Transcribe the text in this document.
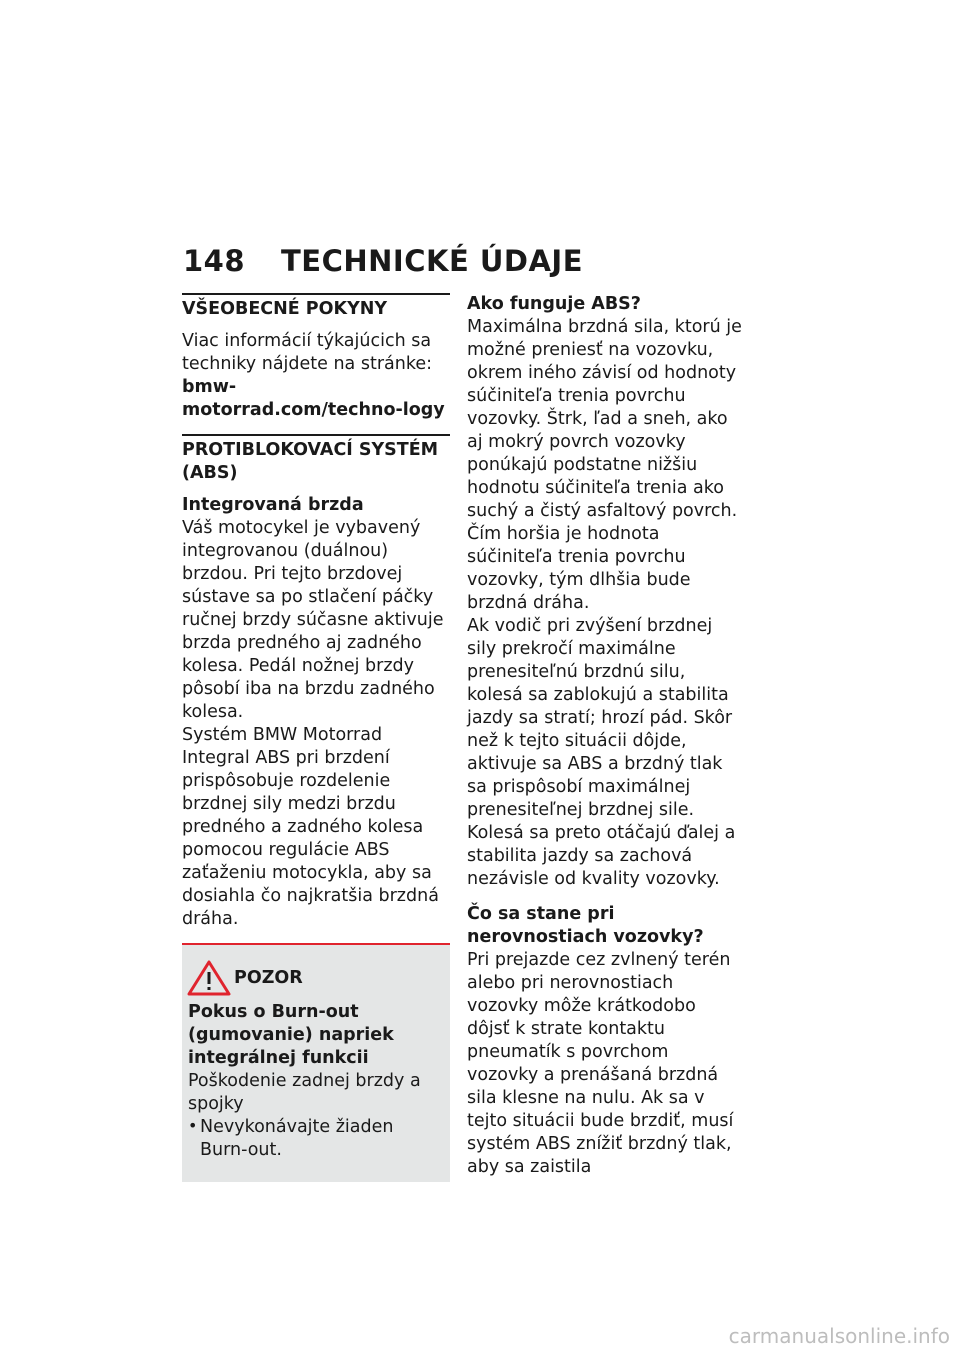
148 TECHNICKÉ ÚDAJE
VŠEOBECNÉ POKYNY

Viac informácií týkajúcich sa techniky nájdete na stránke:

bmw-motorrad.com/techno-logy

PROTIBLOKOVACÍ SYSTÉM (ABS)
Integrovaná brzda

Váš motocykel je vybavený integrovanou (duálnou) brzdou. Pri tejto brzdovej sústave sa po stlačení páčky ručnej brzdy súčasne aktivuje brzda predného aj zadného kolesa. Pedál nožnej brzdy pôsobí iba na brzdu zadného kolesa.

Systém BMW Motorrad Integral ABS pri brzdení prispôsobuje rozdelenie brzdnej sily medzi brzdu predného a zadného kolesa pomocou regulácie ABS zaťaženiu motocykla, aby sa dosiahla čo najkratšia brzdná dráha.

POZOR

Pokus o Burn-out (gumovanie) napriek integrálnej funkcii

Poškodenie zadnej brzdy a spojky

• Nevykonávajte žiaden Burn-out.

Ako funguje ABS?

Maximálna brzdná sila, ktorú je možné preniesť na vozovku, okrem iného závisí od hodnoty súčiniteľa trenia povrchu vozovky. Štrk, ľad a sneh, ako aj mokrý povrch vozovky ponúkajú podstatne nižšiu hodnotu súčiniteľa trenia ako suchý a čistý asfaltový povrch. Čím horšia je hodnota súčiniteľa trenia povrchu vozovky, tým dlhšia bude brzdná dráha.

Ak vodič pri zvýšení brzdnej sily prekročí maximálne prenesiteľnú brzdnú silu, kolesá sa zablokujú a stabilita jazdy sa stratí; hrozí pád. Skôr než k tejto situácii dôjde, aktivuje sa ABS a brzdný tlak sa prispôsobí maximálnej prenesiteľnej brzdnej sile. Kolesá sa preto otáčajú ďalej a stabilita jazdy sa zachová nezávisle od kvality vozovky.

Čo sa stane pri nerovnostiach vozovky?

Pri prejazde cez zvlnený terén alebo pri nerovnostiach vozovky môže krátkodobo dôjsť k strate kontaktu pneumatík s povrchom vozovky a prenášaná brzdná sila klesne na nulu. Ak sa v tejto situácii bude brzdiť, musí systém ABS znížiť brzdný tlak, aby sa zaistila

carmanualsonline.info
